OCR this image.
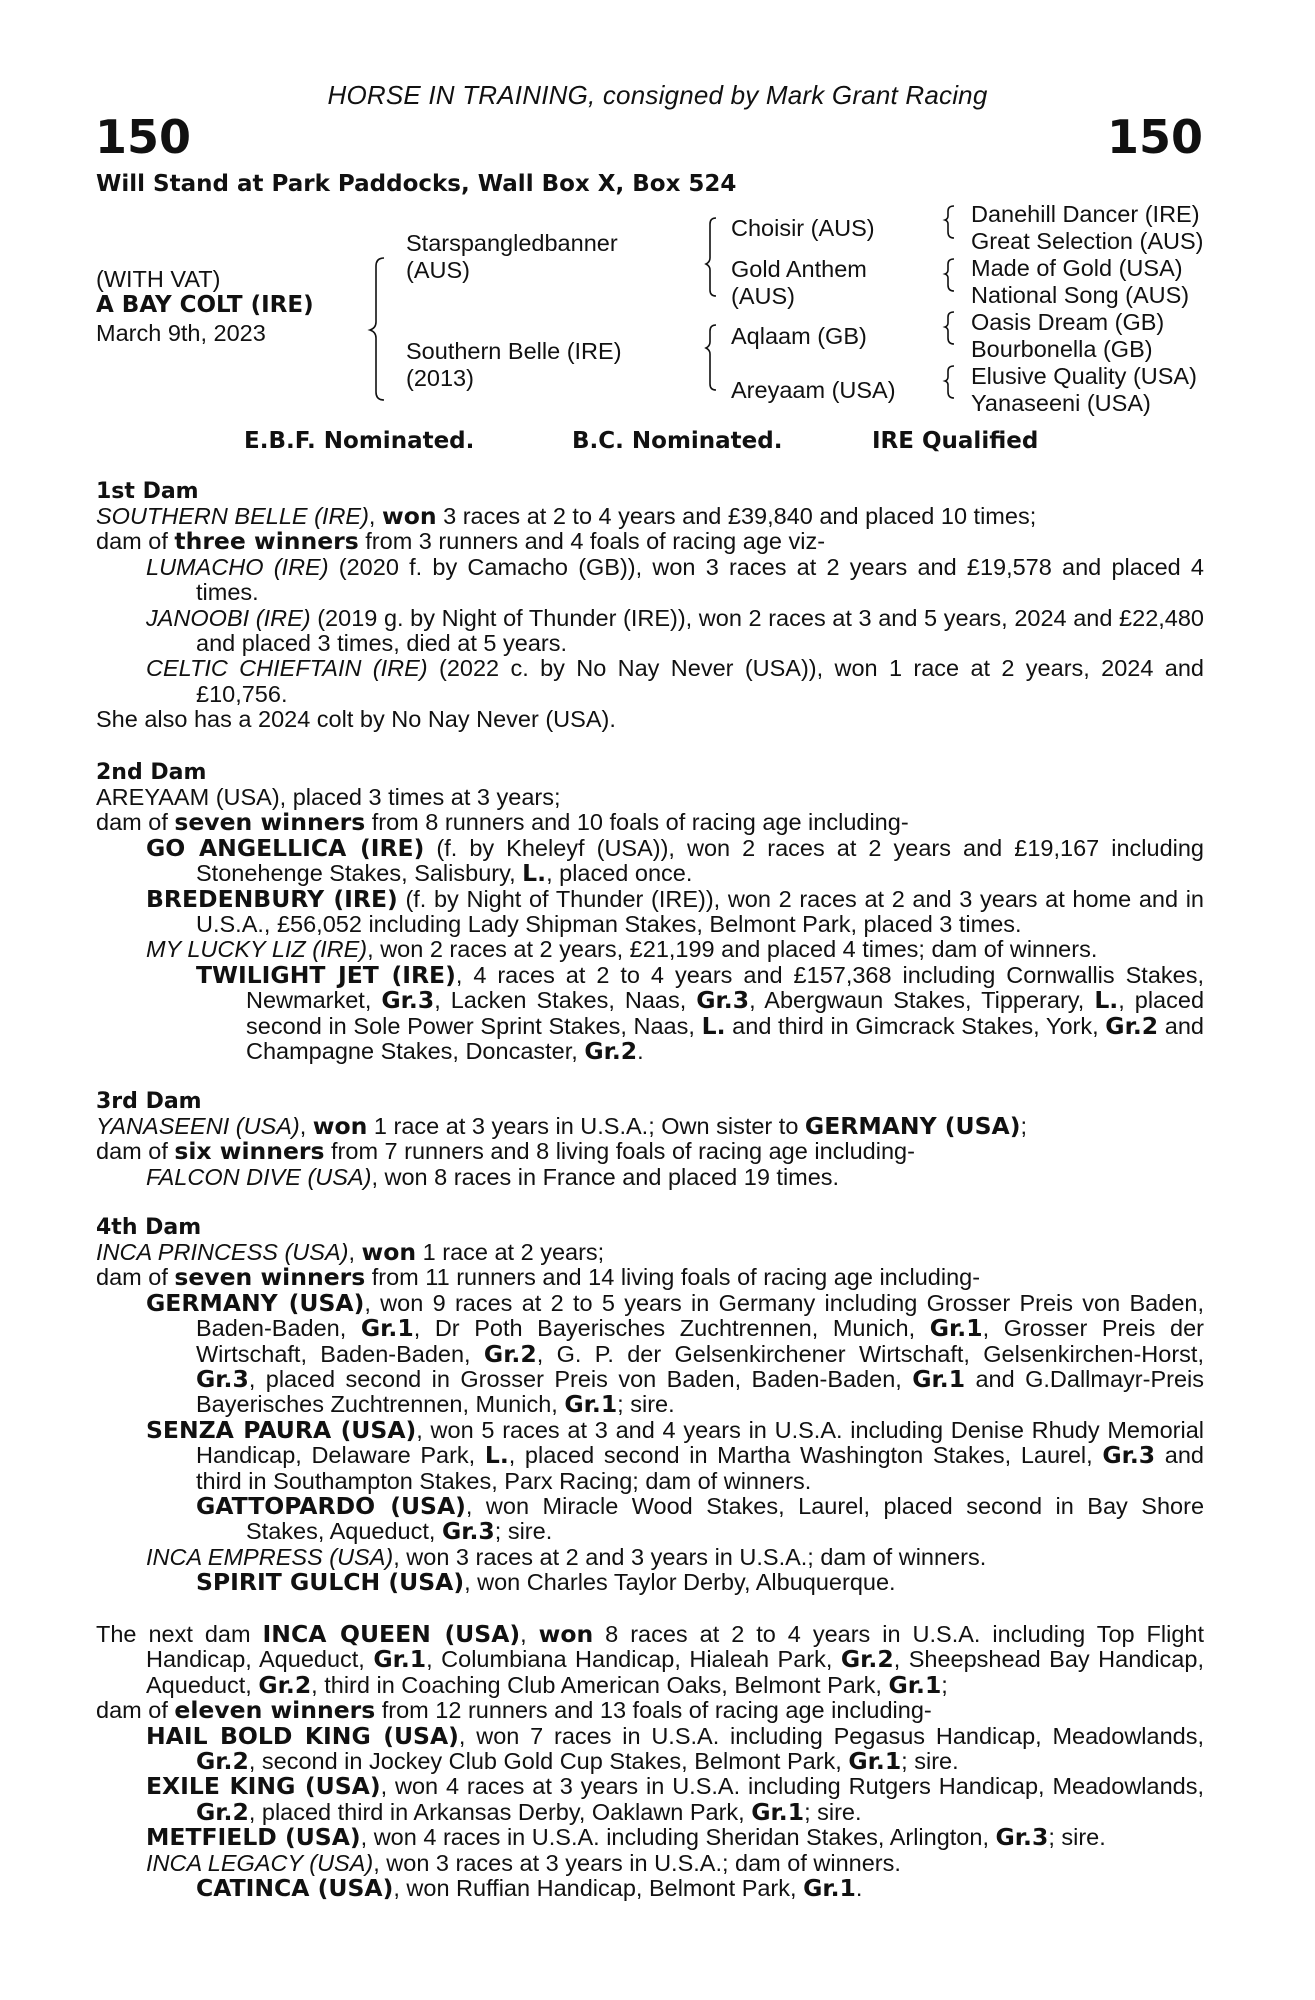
HORSE IN TRAINING, consigned by Mark Grant Racing
150	150
Will Stand at Park Paddocks, Wall Box X, Box 524
(WITH VAT)
A BAY COLT (IRE)
March 9th, 2023
Starspangledbanner
(AUS)
Southern Belle (IRE)
(2013)
Choisir (AUS)
Gold Anthem
(AUS)
Aqlaam (GB)
Areyaam (USA)
Danehill Dancer (IRE)
Great Selection (AUS)
Made of Gold (USA)
National Song (AUS)
Oasis Dream (GB)
Bourbonella (GB)
Elusive Quality (USA)
Yanaseeni (USA)
E.B.F. Nominated.	B.C. Nominated.	IRE Qualified
1st Dam
SOUTHERN BELLE (IRE), won 3 races at 2 to 4 years and £39,840 and placed 10 times;
dam of three winners from 3 runners and 4 foals of racing age viz-
LUMACHO (IRE) (2020 f. by Camacho (GB)), won 3 races at 2 years and £19,578 and placed 4 times.
JANOOBI (IRE) (2019 g. by Night of Thunder (IRE)), won 2 races at 3 and 5 years, 2024 and £22,480 and placed 3 times, died at 5 years.
CELTIC CHIEFTAIN (IRE) (2022 c. by No Nay Never (USA)), won 1 race at 2 years, 2024 and £10,756.
She also has a 2024 colt by No Nay Never (USA).
2nd Dam
AREYAAM (USA), placed 3 times at 3 years;
dam of seven winners from 8 runners and 10 foals of racing age including-
GO ANGELLICA (IRE) (f. by Kheleyf (USA)), won 2 races at 2 years and £19,167 including Stonehenge Stakes, Salisbury, L., placed once.
BREDENBURY (IRE) (f. by Night of Thunder (IRE)), won 2 races at 2 and 3 years at home and in U.S.A., £56,052 including Lady Shipman Stakes, Belmont Park, placed 3 times.
MY LUCKY LIZ (IRE), won 2 races at 2 years, £21,199 and placed 4 times; dam of winners.
TWILIGHT JET (IRE), 4 races at 2 to 4 years and £157,368 including Cornwallis Stakes, Newmarket, Gr.3, Lacken Stakes, Naas, Gr.3, Abergwaun Stakes, Tipperary, L., placed second in Sole Power Sprint Stakes, Naas, L. and third in Gimcrack Stakes, York, Gr.2 and Champagne Stakes, Doncaster, Gr.2.
3rd Dam
YANASEENI (USA), won 1 race at 3 years in U.S.A.; Own sister to GERMANY (USA);
dam of six winners from 7 runners and 8 living foals of racing age including-
FALCON DIVE (USA), won 8 races in France and placed 19 times.
4th Dam
INCA PRINCESS (USA), won 1 race at 2 years;
dam of seven winners from 11 runners and 14 living foals of racing age including-
GERMANY (USA), won 9 races at 2 to 5 years in Germany including Grosser Preis von Baden, Baden-Baden, Gr.1, Dr Poth Bayerisches Zuchtrennen, Munich, Gr.1, Grosser Preis der Wirtschaft, Baden-Baden, Gr.2, G. P. der Gelsenkirchener Wirtschaft, Gelsenkirchen-Horst, Gr.3, placed second in Grosser Preis von Baden, Baden-Baden, Gr.1 and G.Dallmayr-Preis Bayerisches Zuchtrennen, Munich, Gr.1; sire.
SENZA PAURA (USA), won 5 races at 3 and 4 years in U.S.A. including Denise Rhudy Memorial Handicap, Delaware Park, L., placed second in Martha Washington Stakes, Laurel, Gr.3 and third in Southampton Stakes, Parx Racing; dam of winners.
GATTOPARDO (USA), won Miracle Wood Stakes, Laurel, placed second in Bay Shore Stakes, Aqueduct, Gr.3; sire.
INCA EMPRESS (USA), won 3 races at 2 and 3 years in U.S.A.; dam of winners.
SPIRIT GULCH (USA), won Charles Taylor Derby, Albuquerque.
The next dam INCA QUEEN (USA), won 8 races at 2 to 4 years in U.S.A. including Top Flight Handicap, Aqueduct, Gr.1, Columbiana Handicap, Hialeah Park, Gr.2, Sheepshead Bay Handicap, Aqueduct, Gr.2, third in Coaching Club American Oaks, Belmont Park, Gr.1;
dam of eleven winners from 12 runners and 13 foals of racing age including-
HAIL BOLD KING (USA), won 7 races in U.S.A. including Pegasus Handicap, Meadowlands, Gr.2, second in Jockey Club Gold Cup Stakes, Belmont Park, Gr.1; sire.
EXILE KING (USA), won 4 races at 3 years in U.S.A. including Rutgers Handicap, Meadowlands, Gr.2, placed third in Arkansas Derby, Oaklawn Park, Gr.1; sire.
METFIELD (USA), won 4 races in U.S.A. including Sheridan Stakes, Arlington, Gr.3; sire.
INCA LEGACY (USA), won 3 races at 3 years in U.S.A.; dam of winners.
CATINCA (USA), won Ruffian Handicap, Belmont Park, Gr.1.
